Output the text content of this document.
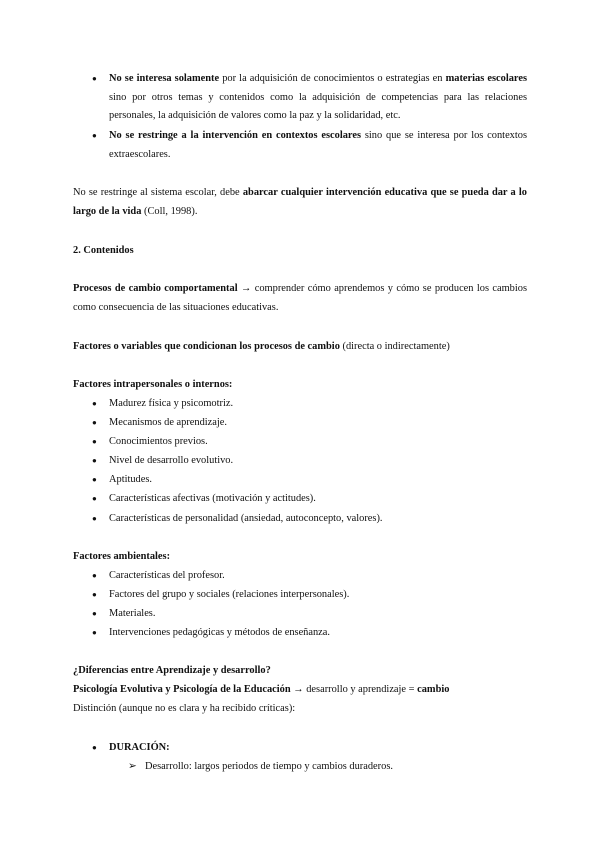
● No se interesa solamente por la adquisición de conocimientos o estrategias en materias escolares sino por otros temas y contenidos como la adquisición de competencias para las relaciones personales, la adquisición de valores como la paz y la solidaridad, etc.
● No se restringe a la intervención en contextos escolares sino que se interesa por los contextos extraescolares.
No se restringe al sistema escolar, debe abarcar cualquier intervención educativa que se pueda dar a lo largo de la vida (Coll, 1998).
2. Contenidos
Procesos de cambio comportamental → comprender cómo aprendemos y cómo se producen los cambios como consecuencia de las situaciones educativas.
Factores o variables que condicionan los procesos de cambio (directa o indirectamente)
Factores intrapersonales o internos:
● Madurez física y psicomotriz.
● Mecanismos de aprendizaje.
● Conocimientos previos.
● Nivel de desarrollo evolutivo.
● Aptitudes.
● Características afectivas (motivación y actitudes).
● Características de personalidad (ansiedad, autoconcepto, valores).
Factores ambientales:
● Características del profesor.
● Factores del grupo y sociales (relaciones interpersonales).
● Materiales.
● Intervenciones pedagógicas y métodos de enseñanza.
¿Diferencias entre Aprendizaje y desarrollo?
Psicología Evolutiva y Psicología de la Educación → desarrollo y aprendizaje = cambio
Distinción (aunque no es clara y ha recibido críticas):
● DURACIÓN:
➢ Desarrollo: largos periodos de tiempo y cambios duraderos.
